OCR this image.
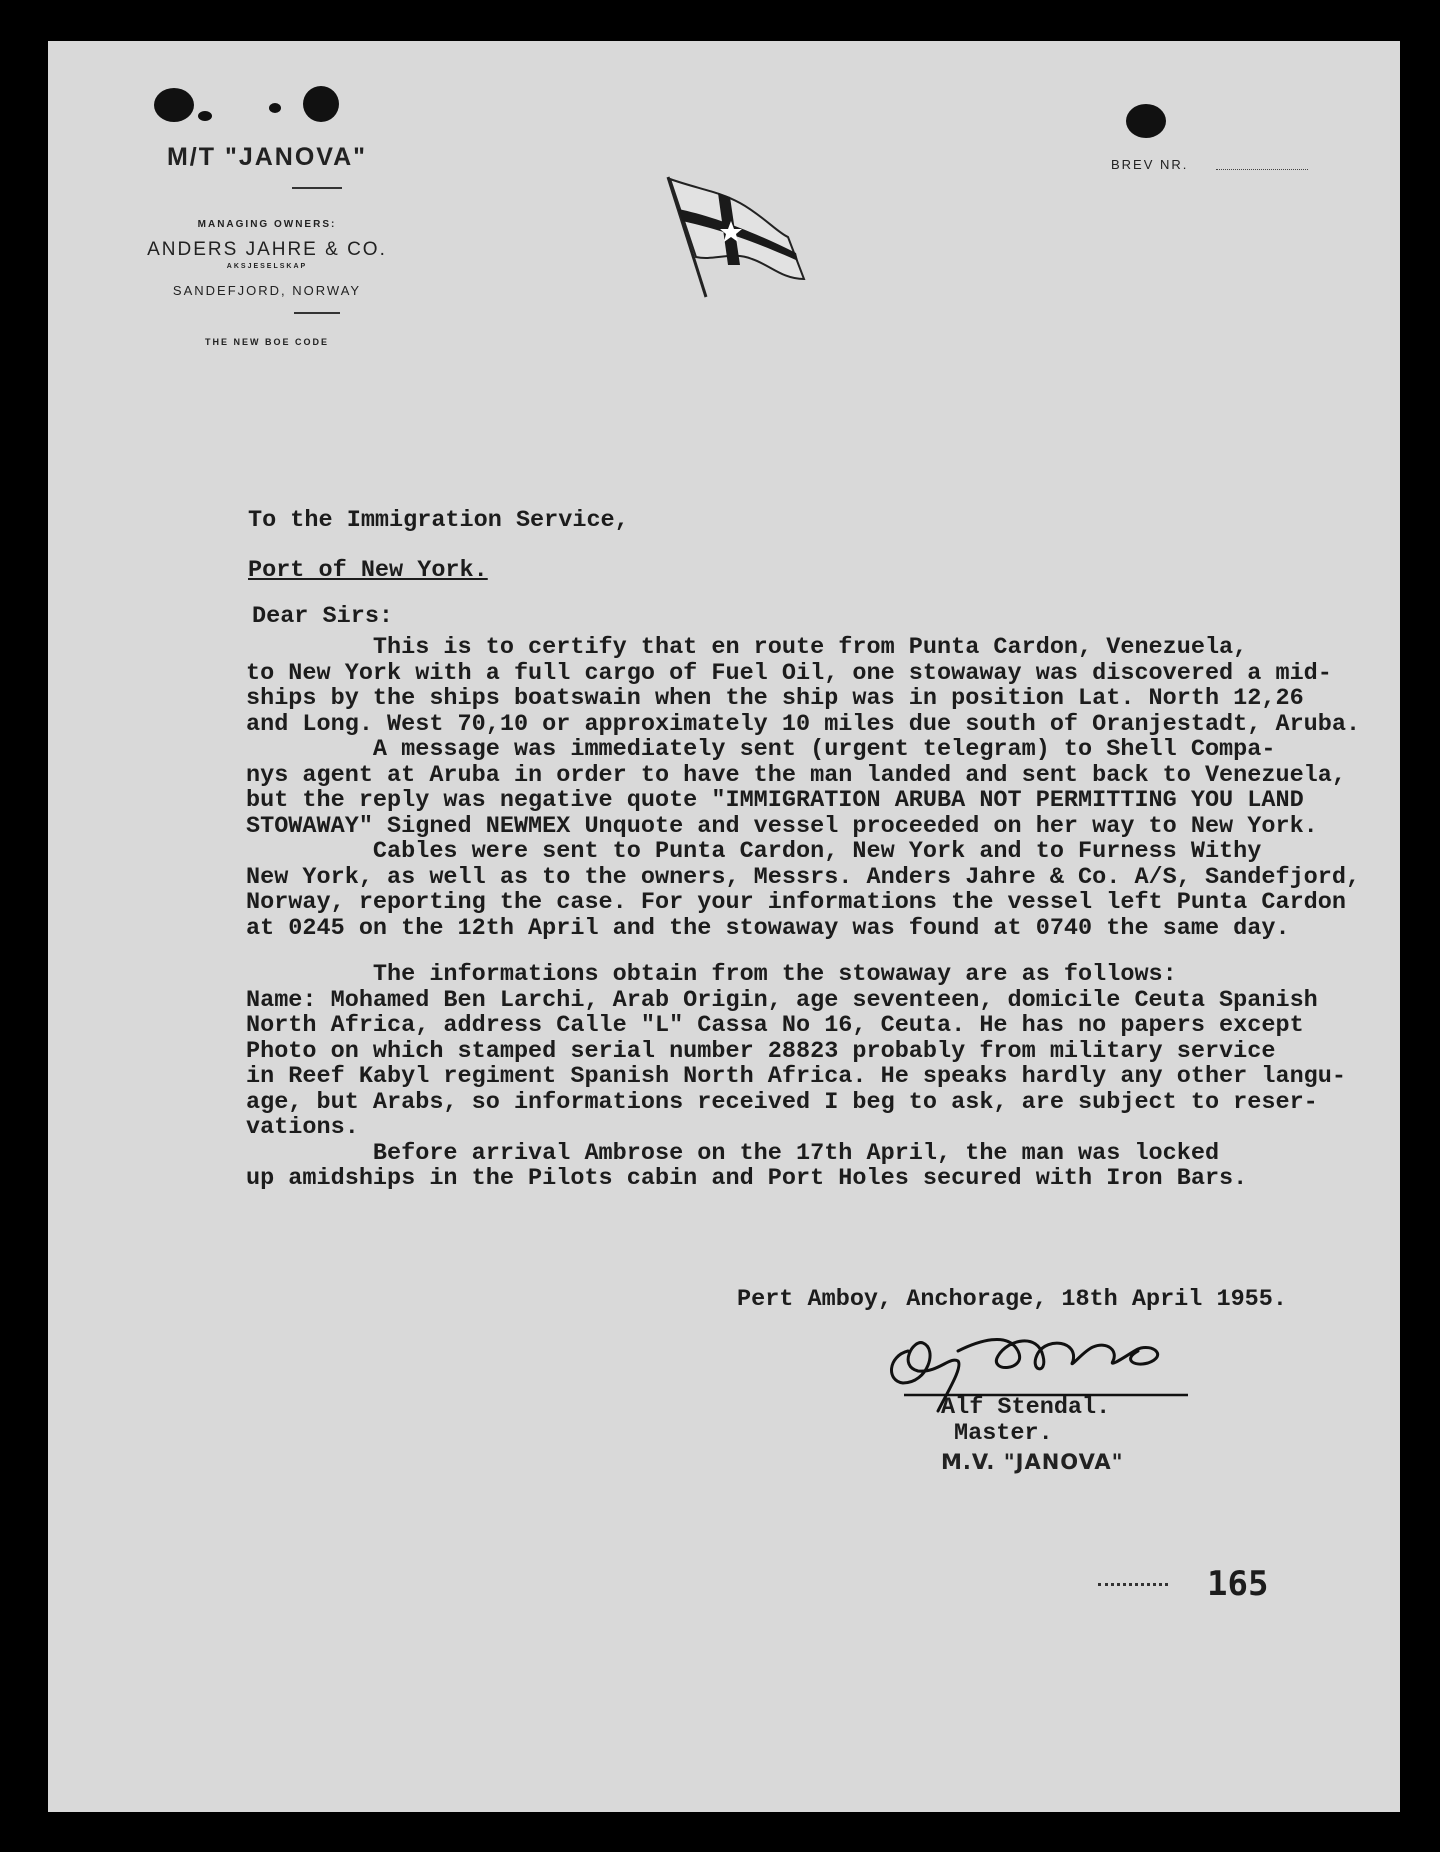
M/T "JANOVA"
MANAGING OWNERS:
ANDERS JAHRE & CO.
AKSJESELSKAP
SANDEFJORD, NORWAY
THE NEW BOE CODE
BREV NR.
To the Immigration Service,
Port of New York.
Dear Sirs:
This is to certify that en route from Punta Cardon, Venezuela,
to New York with a full cargo of Fuel Oil, one stowaway was discovered a mid-
ships by the ships boatswain when the ship was in position Lat. North 12,26
and Long. West 70,10 or approximately 10 miles due south of Oranjestadt, Aruba.
A message was immediately sent (urgent telegram) to Shell Compa-
nys agent at Aruba in order to have the man landed and sent back to Venezuela,
but the reply was negative quote "IMMIGRATION ARUBA NOT PERMITTING YOU LAND
STOWAWAY" Signed NEWMEX Unquote and vessel proceeded on her way to New York.
Cables were sent to Punta Cardon, New York and to Furness Withy
New York, as well as to the owners, Messrs. Anders Jahre & Co. A/S, Sandefjord,
Norway, reporting the case. For your informations the vessel left Punta Cardon
at 0245 on the 12th April and the stowaway was found at 0740 the same day.
The informations obtain from the stowaway are as follows:
Name: Mohamed Ben Larchi, Arab Origin, age seventeen, domicile Ceuta Spanish
North Africa, address Calle "L" Cassa No 16, Ceuta. He has no papers except
Photo on which stamped serial number 28823 probably from military service
in Reef Kabyl regiment Spanish North Africa. He speaks hardly any other langu-
age, but Arabs, so informations received I beg to ask, are subject to reser-
vations.
Before arrival Ambrose on the 17th April, the man was locked
up amidships in the Pilots cabin and Port Holes secured with Iron Bars.
Pert Amboy, Anchorage, 18th April 1955.
Alf Stendal.
Master.
M.V. "JANOVA"
165
